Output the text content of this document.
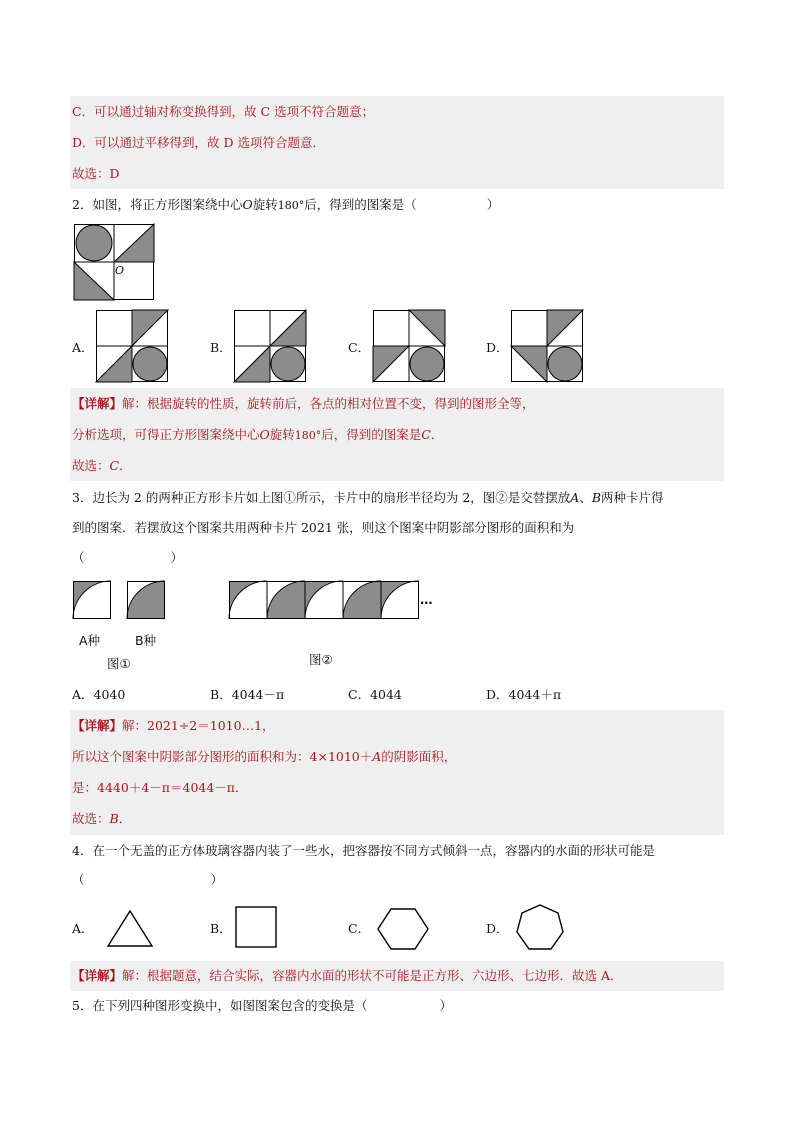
C．可以通过轴对称变换得到，故 C 选项不符合题意；
D．可以通过平移得到，故 D 选项符合题意．
故选：D
2．如图，将正方形图案绕中心O旋转180°后，得到的图案是（	）
O
A．	B．	C．	D．
【详解】解：根据旋转的性质，旋转前后，各点的相对位置不变，得到的图形全等，
分析选项，可得正方形图案绕中心O旋转180°后，得到的图案是C．
故选：C．
3．边长为 2 的两种正方形卡片如上图①所示，卡片中的扇形半径均为 2，图②是交替摆放A、B两种卡片得
到的图案．若摆放这个图案共用两种卡片 2021 张，则这个图案中阴影部分图形的面积和为
（	）
A种	B种
图①
…
图②
A．4040	B．4044－π	C．4044	D．4044＋π
【详解】解：2021÷2＝1010…1，
所以这个图案中阴影部分图形的面积和为：4×1010＋A的阴影面积，
是：4440＋4－π＝4044－π．
故选：B．
4．在一个无盖的正方体玻璃容器内装了一些水，把容器按不同方式倾斜一点，容器内的水面的形状可能是
（	）
A．	B．	C．	D．
【详解】解：根据题意，结合实际，容器内水面的形状不可能是正方形、六边形、七边形．故选 A．
5．在下列四种图形变换中，如图图案包含的变换是（	）
